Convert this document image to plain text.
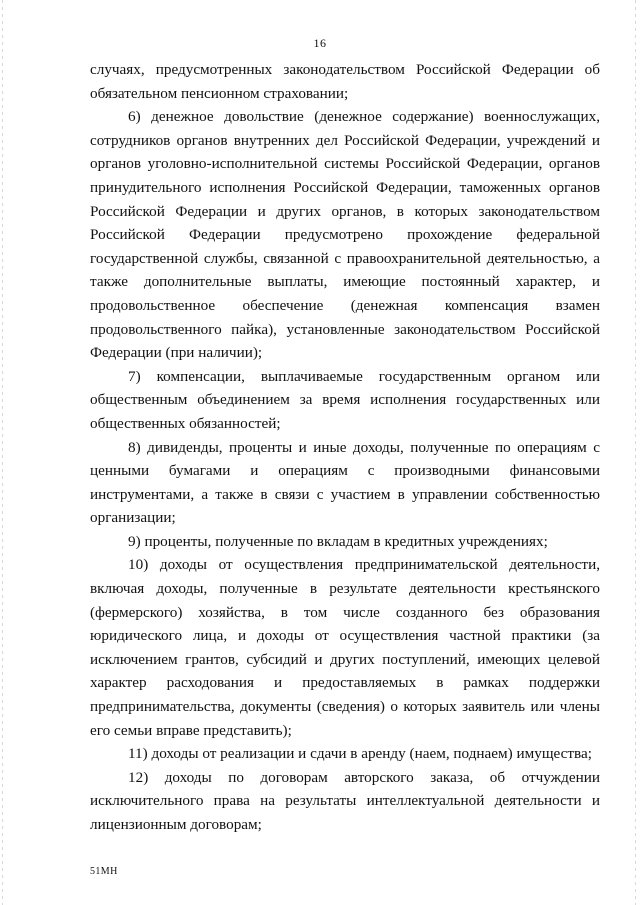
16

случаях, предусмотренных законодательством Российской Федерации об обязательном пенсионном страховании;

6) денежное довольствие (денежное содержание) военнослужащих, сотрудников органов внутренних дел Российской Федерации, учреждений и органов уголовно-исполнительной системы Российской Федерации, органов принудительного исполнения Российской Федерации, таможенных органов Российской Федерации и других органов, в которых законодательством Российской Федерации предусмотрено прохождение федеральной государственной службы, связанной с правоохранительной деятельностью, а также дополнительные выплаты, имеющие постоянный характер, и продовольственное обеспечение (денежная компенсация взамен продовольственного пайка), установленные законодательством Российской Федерации (при наличии);

7) компенсации, выплачиваемые государственным органом или общественным объединением за время исполнения государственных или общественных обязанностей;

8) дивиденды, проценты и иные доходы, полученные по операциям с ценными бумагами и операциям с производными финансовыми инструментами, а также в связи с участием в управлении собственностью организации;

9) проценты, полученные по вкладам в кредитных учреждениях;

10) доходы от осуществления предпринимательской деятельности, включая доходы, полученные в результате деятельности крестьянского (фермерского) хозяйства, в том числе созданного без образования юридического лица, и доходы от осуществления частной практики (за исключением грантов, субсидий и других поступлений, имеющих целевой характер расходования и предоставляемых в рамках поддержки предпринимательства, документы (сведения) о которых заявитель или члены его семьи вправе представить);

11) доходы от реализации и сдачи в аренду (наем, поднаем) имущества;

12) доходы по договорам авторского заказа, об отчуждении исключительного права на результаты интеллектуальной деятельности и лицензионным договорам;

51МН
